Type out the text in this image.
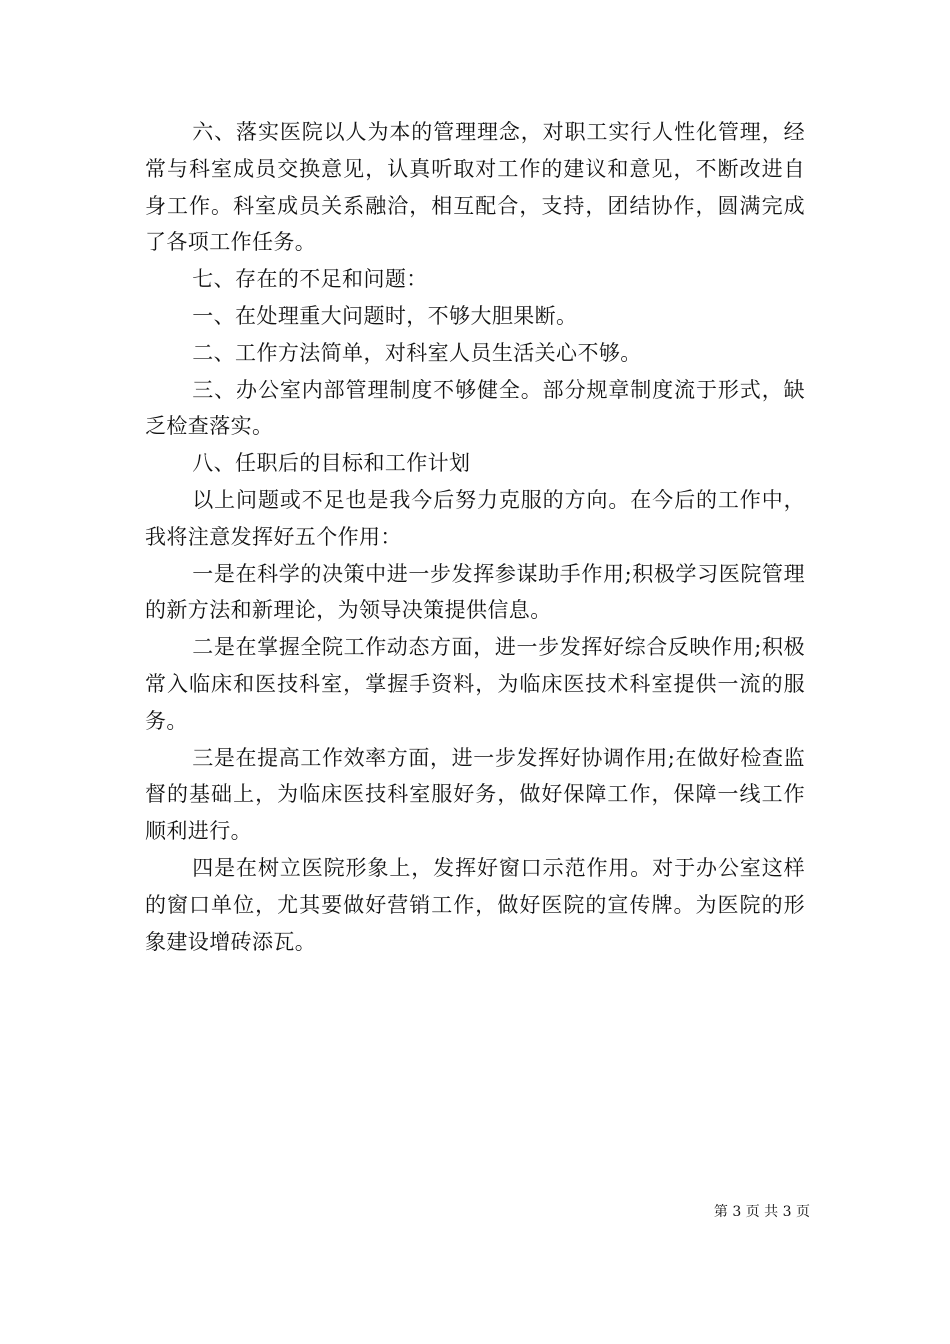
六、落实医院以人为本的管理理念，对职工实行人性化管理，经常与科室成员交换意见，认真听取对工作的建议和意见，不断改进自身工作。科室成员关系融洽，相互配合，支持，团结协作，圆满完成了各项工作任务。

七、存在的不足和问题：

一、在处理重大问题时，不够大胆果断。

二、工作方法简单，对科室人员生活关心不够。

三、办公室内部管理制度不够健全。部分规章制度流于形式，缺乏检查落实。

八、任职后的目标和工作计划

以上问题或不足也是我今后努力克服的方向。在今后的工作中，我将注意发挥好五个作用：

一是在科学的决策中进一步发挥参谋助手作用;积极学习医院管理的新方法和新理论，为领导决策提供信息。

二是在掌握全院工作动态方面，进一步发挥好综合反映作用;积极常入临床和医技科室，掌握手资料，为临床医技术科室提供一流的服务。

三是在提高工作效率方面，进一步发挥好协调作用;在做好检查监督的基础上，为临床医技科室服好务，做好保障工作，保障一线工作顺利进行。

四是在树立医院形象上，发挥好窗口示范作用。对于办公室这样的窗口单位，尤其要做好营销工作，做好医院的宣传牌。为医院的形象建设增砖添瓦。

第 3 页 共 3 页
